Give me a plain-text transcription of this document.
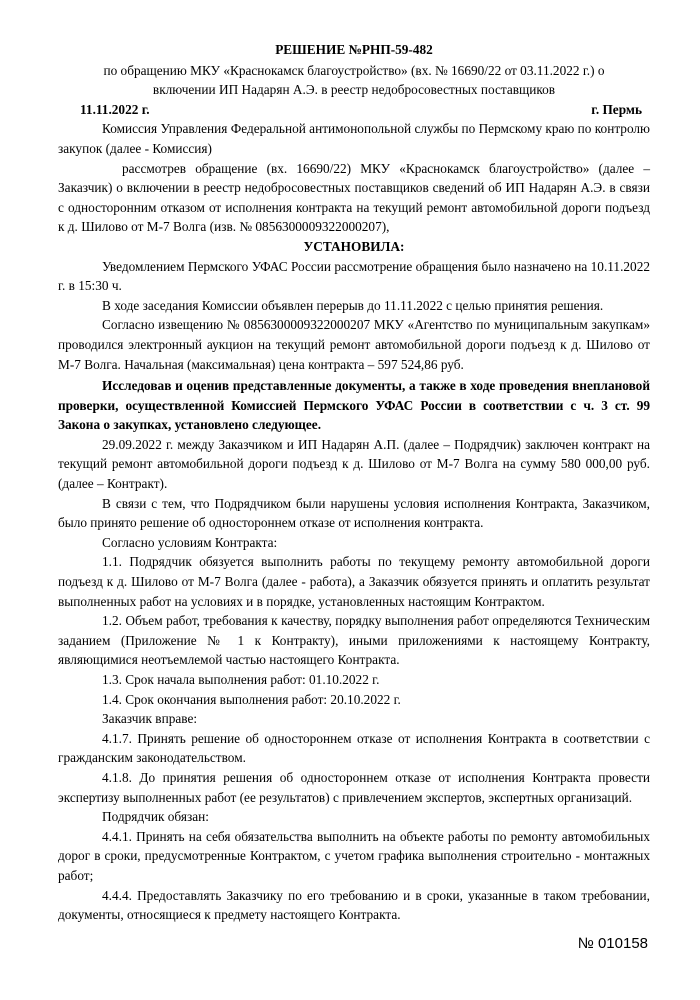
РЕШЕНИЕ №РНП-59-482
по обращению МКУ «Краснокамск благоустройство» (вх. № 16690/22 от 03.11.2022 г.) о
включении ИП Надарян А.Э. в реестр недобросовестных поставщиков
11.11.2022 г.	г. Пермь
Комиссия Управления Федеральной антимонопольной службы по Пермскому краю по контролю закупок (далее - Комиссия)
рассмотрев обращение (вх. 16690/22) МКУ «Краснокамск благоустройство» (далее – Заказчик) о включении в реестр недобросовестных поставщиков сведений об ИП Надарян А.Э. в связи с односторонним отказом от исполнения контракта на текущий ремонт автомобильной дороги подъезд к д. Шилово от М-7 Волга (изв. № 0856300009322000207),
УСТАНОВИЛА:
Уведомлением Пермского УФАС России рассмотрение обращения было назначено на 10.11.2022 г. в 15:30 ч.
В ходе заседания Комиссии объявлен перерыв до 11.11.2022 с целью принятия решения.
Согласно извещению № 0856300009322000207 МКУ «Агентство по муниципальным закупкам» проводился электронный аукцион на текущий ремонт автомобильной дороги подъезд к д. Шилово от М-7 Волга. Начальная (максимальная) цена контракта – 597 524,86 руб.
Исследовав и оценив представленные документы, а также в ходе проведения внеплановой проверки, осуществленной Комиссией Пермского УФАС России в соответствии с ч. 3 ст. 99 Закона о закупках, установлено следующее.
29.09.2022 г. между Заказчиком и ИП Надарян А.П. (далее – Подрядчик) заключен контракт на текущий ремонт автомобильной дороги подъезд к д. Шилово от М-7 Волга на сумму 580 000,00 руб. (далее – Контракт).
В связи с тем, что Подрядчиком были нарушены условия исполнения Контракта, Заказчиком, было принято решение об одностороннем отказе от исполнения контракта.
Согласно условиям Контракта:
1.1. Подрядчик обязуется выполнить работы по текущему ремонту автомобильной дороги подъезд к д. Шилово от М-7 Волга (далее - работа), а Заказчик обязуется принять и оплатить результат выполненных работ на условиях и в порядке, установленных настоящим Контрактом.
1.2. Объем работ, требования к качеству, порядку выполнения работ определяются Техническим заданием (Приложение № 1 к Контракту), иными приложениями к настоящему Контракту, являющимися неотъемлемой частью настоящего Контракта.
1.3. Срок начала выполнения работ: 01.10.2022 г.
1.4. Срок окончания выполнения работ: 20.10.2022 г.
Заказчик вправе:
4.1.7. Принять решение об одностороннем отказе от исполнения Контракта в соответствии с гражданским законодательством.
4.1.8. До принятия решения об одностороннем отказе от исполнения Контракта провести экспертизу выполненных работ (ее результатов) с привлечением экспертов, экспертных организаций.
Подрядчик обязан:
4.4.1. Принять на себя обязательства выполнить на объекте работы по ремонту автомобильных дорог в сроки, предусмотренные Контрактом, с учетом графика выполнения строительно - монтажных работ;
4.4.4. Предоставлять Заказчику по его требованию и в сроки, указанные в таком требовании, документы, относящиеся к предмету настоящего Контракта.
№ 010158
